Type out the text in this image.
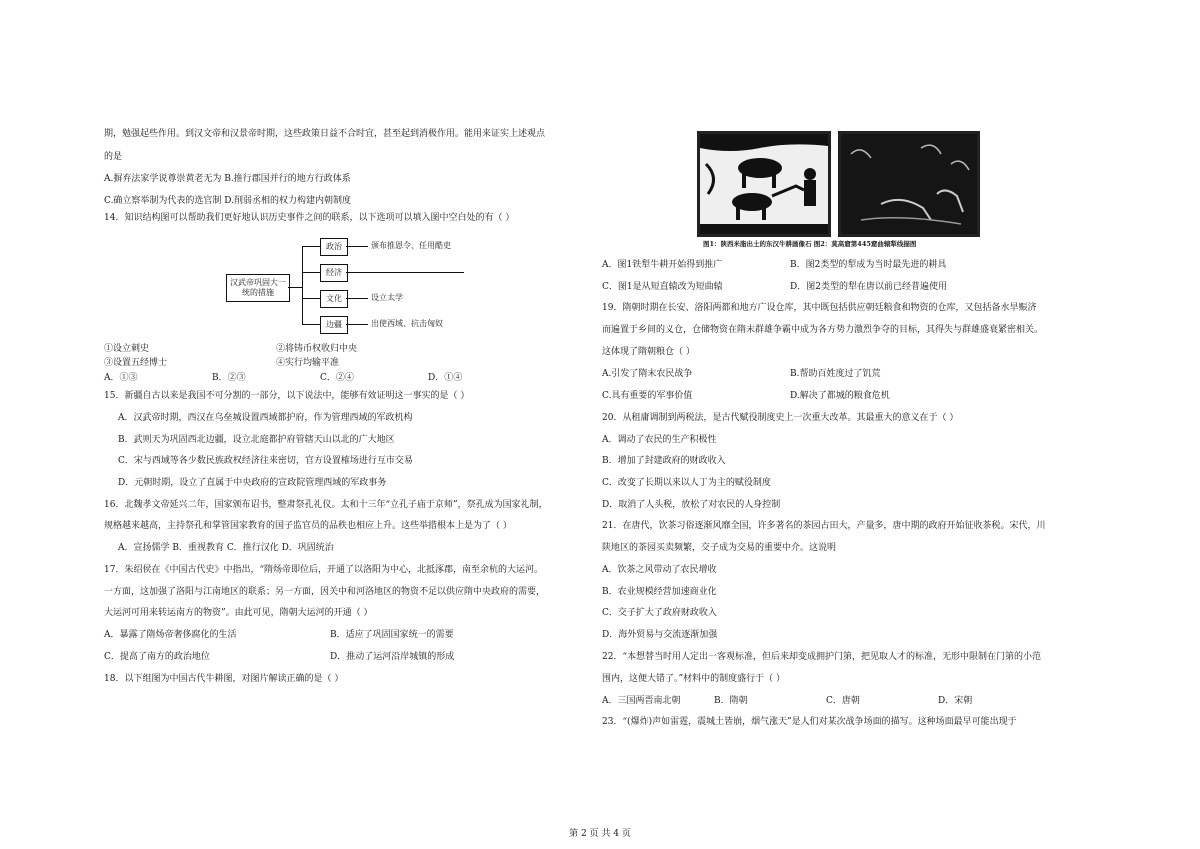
期，勉强起些作用。到汉文帝和汉景帝时期，这些政策日益不合时宜，甚至起到消极作用。能用来证实上述观点
的是
A.摒弃法家学说尊崇黄老无为 B.推行郡国并行的地方行政体系
C.确立察举制为代表的选官制 D.削弱丞相的权力构建内朝制度
14．知识结构图可以帮助我们更好地认识历史事件之间的联系，以下选项可以填入图中空白处的有（ ）
汉武帝巩固大一统的措施
政治
经济
文化
边疆
颁布推恩令、任用酷吏
设立太学
出使西域、抗击匈奴
①设立刺史	②将铸币权收归中央
③设置五经博士	④实行均输平准
A．①③	B．②③	C．②④	D．①④
15．新疆自古以来是我国不可分割的一部分，以下说法中，能够有效证明这一事实的是（ ）
A．汉武帝时期，西汉在乌垒城设置西域都护府，作为管理西域的军政机构
B．武则天为巩固西北边疆，设立北庭都护府管辖天山以北的广大地区
C．宋与西域等各少数民族政权经济往来密切，官方设置榷场进行互市交易
D．元朝时期，设立了直属于中央政府的宣政院管理西域的军政事务
16．北魏孝文帝延兴二年，国家颁布诏书，整肃祭孔礼仪。太和十三年“立孔子庙于京师”，祭孔成为国家礼制，
规格越来越高，主持祭孔和掌管国家教育的国子监官员的品秩也相应上升。这些举措根本上是为了（ ）
A．宣扬儒学 B．重视教育 C．推行汉化 D．巩固统治
17．朱绍侯在《中国古代史》中指出，“隋炀帝即位后，开通了以洛阳为中心，北抵涿郡，南至余杭的大运河。
一方面，这加强了洛阳与江南地区的联系；另一方面，因关中和河洛地区的物资不足以供应隋中央政府的需要，
大运河可用来转运南方的物资”。由此可见，隋朝大运河的开通（ ）
A．暴露了隋炀帝奢侈腐化的生活	B．适应了巩固国家统一的需要
C．提高了南方的政治地位	D．推动了运河沿岸城镇的形成
18．以下组图为中国古代牛耕图，对图片解读正确的是（ ）
图1：陕西米脂出土的东汉牛耕画像石 图2：莫高窟第445窟曲辕犁线描图
A．图1铁犁牛耕开始得到推广	B．图2类型的犁成为当时最先进的耕具
C．图1是从短直辕改为短曲辕	D．图2类型的犁在唐以前已经普遍使用
19．隋朝时期在长安、洛阳两都和地方广设仓库，其中既包括供应朝廷粮食和物资的仓库，又包括备水旱赈济
而遍置于乡间的义仓，仓储物资在隋末群雄争霸中成为各方势力激烈争夺的目标，其得失与群雄盛衰紧密相关。
这体现了隋朝粮仓（ ）
A.引发了隋末农民战争	B.帮助百姓度过了饥荒
C.具有重要的军事价值	D.解决了都城的粮食危机
20．从租庸调制到两税法，是古代赋役制度史上一次重大改革。其最重大的意义在于（ ）
A．调动了农民的生产积极性
B．增加了封建政府的财政收入
C．改变了长期以来以人丁为主的赋役制度
D．取消了人头税，放松了对农民的人身控制
21．在唐代，饮茶习俗逐渐风靡全国，许多著名的茶园占田大，产量多，唐中期的政府开始征收茶税。宋代，川
陕地区的茶园买卖频繁，交子成为交易的重要中介。这说明
A．饮茶之风带动了农民增收
B．农业规模经营加速商业化
C．交子扩大了政府财政收入
D．海外贸易与交流逐渐加强
22．“本想替当时用人定出一客观标准，但后来却变成拥护门第，把见取人才的标准，无形中限制在门第的小范
围内，这便大错了。”材料中的制度盛行于（ ）
A．三国两晋南北朝	B．隋朝	C．唐朝	D．宋朝
23．“(爆炸)声如雷霆，震城土皆崩，烟气涨天”是人们对某次战争场面的描写。这种场面最早可能出现于
第 2 页 共 4 页
